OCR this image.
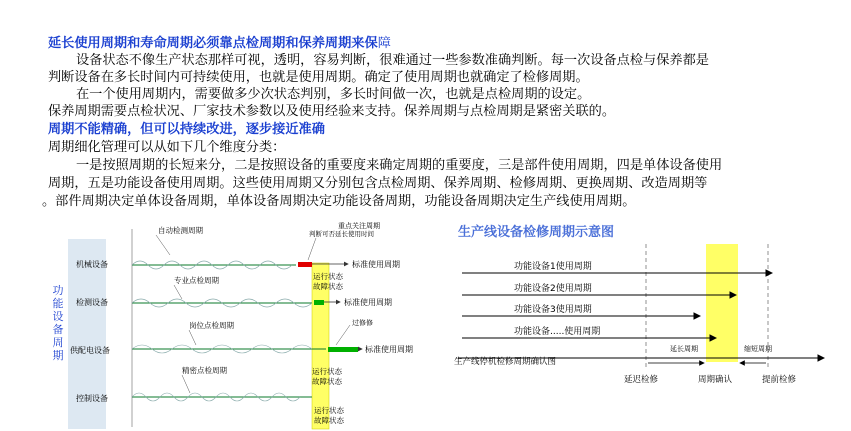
延长使用周期和寿命周期必须靠点检周期和保养周期来保障
设备状态不像生产状态那样可视，透明，容易判断，很难通过一些参数准确判断。每一次设备点检与保养都是
判断设备在多长时间内可持续使用，也就是使用周期。确定了使用周期也就确定了检修周期。
在一个使用周期内，需要做多少次状态判别，多长时间做一次，也就是点检周期的设定。
保养周期需要点检状况、厂家技术参数以及使用经验来支持。保养周期与点检周期是紧密关联的。
周期不能精确，但可以持续改进，逐步接近准确
周期细化管理可以从如下几个维度分类：
一是按照周期的长短来分，二是按照设备的重要度来确定周期的重要度，三是部件使用周期，四是单体设备使用
周期，五是功能设备使用周期。这些使用周期又分别包含点检周期、保养周期、检修周期、更换周期、改造周期等
。部件周期决定单体设备周期，单体设备周期决定功能设备周期，功能设备周期决定生产线使用周期。
功
能
设
备
周
期
机械设备
自动检测周期
标准使用周期
重点关注周期
判断可否延长使用时间
运行状态
故障状态
检测设备
专业点检周期
标准使用周期
过修修
供配电设备
岗位点检周期
标准使用周期
运行状态
故障状态
控制设备
精密点检周期
运行状态
故障状态
生产线设备检修周期示意图
功能设备1使用周期
功能设备2使用周期
功能设备3使用周期
功能设备.....使用周期
延长周期	缩短周期
生产线停机检修周期确认图
延迟检修	周期确认	提前检修
